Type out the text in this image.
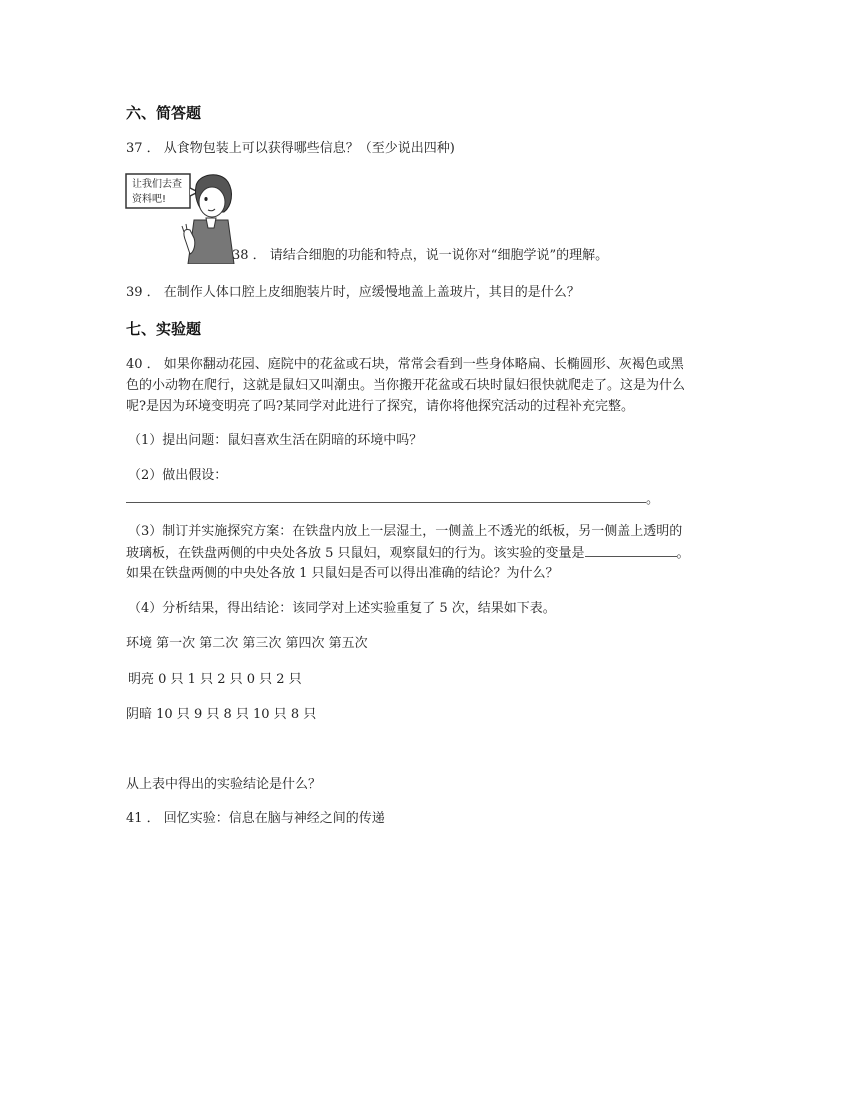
六、简答题
37 ． 从食物包装上可以获得哪些信息？（至少说出四种)
让我们去查
资料吧!
38 ． 请结合细胞的功能和特点，说一说你对“细胞学说”的理解。
39 ． 在制作人体口腔上皮细胞装片时，应缓慢地盖上盖玻片，其目的是什么？
七、实验题
40 ． 如果你翻动花园、庭院中的花盆或石块，常常会看到一些身体略扁、长椭圆形、灰褐色或黑
色的小动物在爬行，这就是鼠妇又叫潮虫。当你搬开花盆或石块时鼠妇很快就爬走了。这是为什么
呢?是因为环境变明亮了吗?某同学对此进行了探究，请你将他探究活动的过程补充完整。
（1）提出问题：鼠妇喜欢生活在阴暗的环境中吗？
（2）做出假设：
。
（3）制订并实施探究方案：在铁盘内放上一层湿土，一侧盖上不透光的纸板，另一侧盖上透明的
玻璃板，在铁盘两侧的中央处各放 5 只鼠妇，观察鼠妇的行为。该实验的变量是	。
如果在铁盘两侧的中央处各放 1 只鼠妇是否可以得出准确的结论？为什么？
（4）分析结果，得出结论：该同学对上述实验重复了 5 次，结果如下表。
环境 第一次 第二次 第三次 第四次 第五次
明亮 0 只 1 只 2 只 0 只 2 只
阴暗 10 只 9 只 8 只 10 只 8 只
从上表中得出的实验结论是什么？
41 ． 回忆实验：信息在脑与神经之间的传递
